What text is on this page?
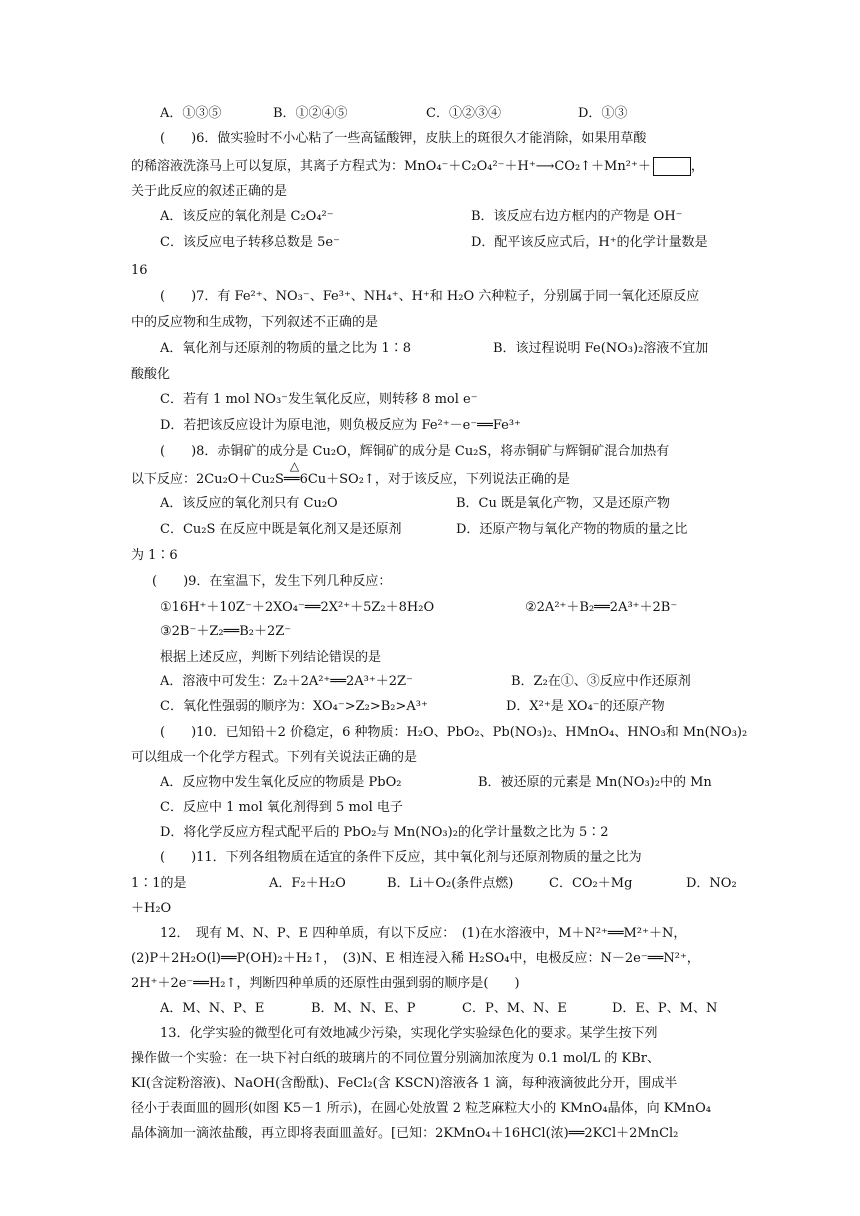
A．①③⑤	B．①②④⑤	C．①②③④	D．①③
(　　)6．做实验时不小心粘了一些高锰酸钾，皮肤上的斑很久才能消除，如果用草酸
的稀溶液洗涤马上可以复原，其离子方程式为：MnO₄⁻＋C₂O₄²⁻＋H⁺⟶CO₂↑＋Mn²⁺＋	，
关于此反应的叙述正确的是
A．该反应的氧化剂是 C₂O₄²⁻	B．该反应右边方框内的产物是 OH⁻
C．该反应电子转移总数是 5e⁻	D．配平该反应式后，H⁺的化学计量数是
16
(　　)7．有 Fe²⁺、NO₃⁻、Fe³⁺、NH₄⁺、H⁺和 H₂O 六种粒子，分别属于同一氧化还原反应
中的反应物和生成物，下列叙述不正确的是
A．氧化剂与还原剂的物质的量之比为 1∶8	B．该过程说明 Fe(NO₃)₂溶液不宜加
酸酸化
C．若有 1 mol NO₃⁻发生氧化反应，则转移 8 mol e⁻
D．若把该反应设计为原电池，则负极反应为 Fe²⁺－e⁻══Fe³⁺
(　　)8．赤铜矿的成分是 Cu₂O，辉铜矿的成分是 Cu₂S，将赤铜矿与辉铜矿混合加热有
以下反应：2Cu₂O＋Cu₂S
△
══6Cu＋SO₂↑，对于该反应，下列说法正确的是
A．该反应的氧化剂只有 Cu₂O	B．Cu 既是氧化产物，又是还原产物
C．Cu₂S 在反应中既是氧化剂又是还原剂	D．还原产物与氧化产物的物质的量之比
为 1∶6
(　　)9．在室温下，发生下列几种反应：
①16H⁺＋10Z⁻＋2XO₄⁻══2X²⁺＋5Z₂＋8H₂O	②2A²⁺＋B₂══2A³⁺＋2B⁻
③2B⁻＋Z₂══B₂＋2Z⁻
根据上述反应，判断下列结论错误的是
A．溶液中可发生：Z₂＋2A²⁺══2A³⁺＋2Z⁻	B．Z₂在①、③反应中作还原剂
C．氧化性强弱的顺序为：XO₄⁻>Z₂>B₂>A³⁺	D．X²⁺是 XO₄⁻的还原产物
(　　)10．已知铅＋2 价稳定，6 种物质：H₂O、PbO₂、Pb(NO₃)₂、HMnO₄、HNO₃和 Mn(NO₃)₂
可以组成一个化学方程式。下列有关说法正确的是
A．反应物中发生氧化反应的物质是 PbO₂	B．被还原的元素是 Mn(NO₃)₂中的 Mn
C．反应中 1 mol 氧化剂得到 5 mol 电子
D．将化学反应方程式配平后的 PbO₂与 Mn(NO₃)₂的化学计量数之比为 5∶2
(　　)11．下列各组物质在适宜的条件下反应，其中氧化剂与还原剂物质的量之比为
1∶1的是	A．F₂＋H₂O	B．Li＋O₂(条件点燃)	C．CO₂＋Mg	D．NO₂
＋H₂O
12．　现有 M、N、P、E 四种单质，有以下反应：　(1)在水溶液中，M＋N²⁺══M²⁺＋N，
(2)P＋2H₂O(l)══P(OH)₂＋H₂↑，　(3)N、E 相连浸入稀 H₂SO₄中，电极反应：N－2e⁻══N²⁺，
2H⁺＋2e⁻══H₂↑，判断四种单质的还原性由强到弱的顺序是(　　)
A．M、N、P、E	B．M、N、E、P	C．P、M、N、E	D．E、P、M、N
13．化学实验的微型化可有效地减少污染，实现化学实验绿色化的要求。某学生按下列
操作做一个实验：在一块下衬白纸的玻璃片的不同位置分别滴加浓度为 0.1 mol/L 的 KBr、
KI(含淀粉溶液)、NaOH(含酚酞)、FeCl₂(含 KSCN)溶液各 1 滴，每种液滴彼此分开，围成半
径小于表面皿的圆形(如图 K5－1 所示)，在圆心处放置 2 粒芝麻粒大小的 KMnO₄晶体，向 KMnO₄
晶体滴加一滴浓盐酸，再立即将表面皿盖好。[已知：2KMnO₄＋16HCl(浓)══2KCl＋2MnCl₂
